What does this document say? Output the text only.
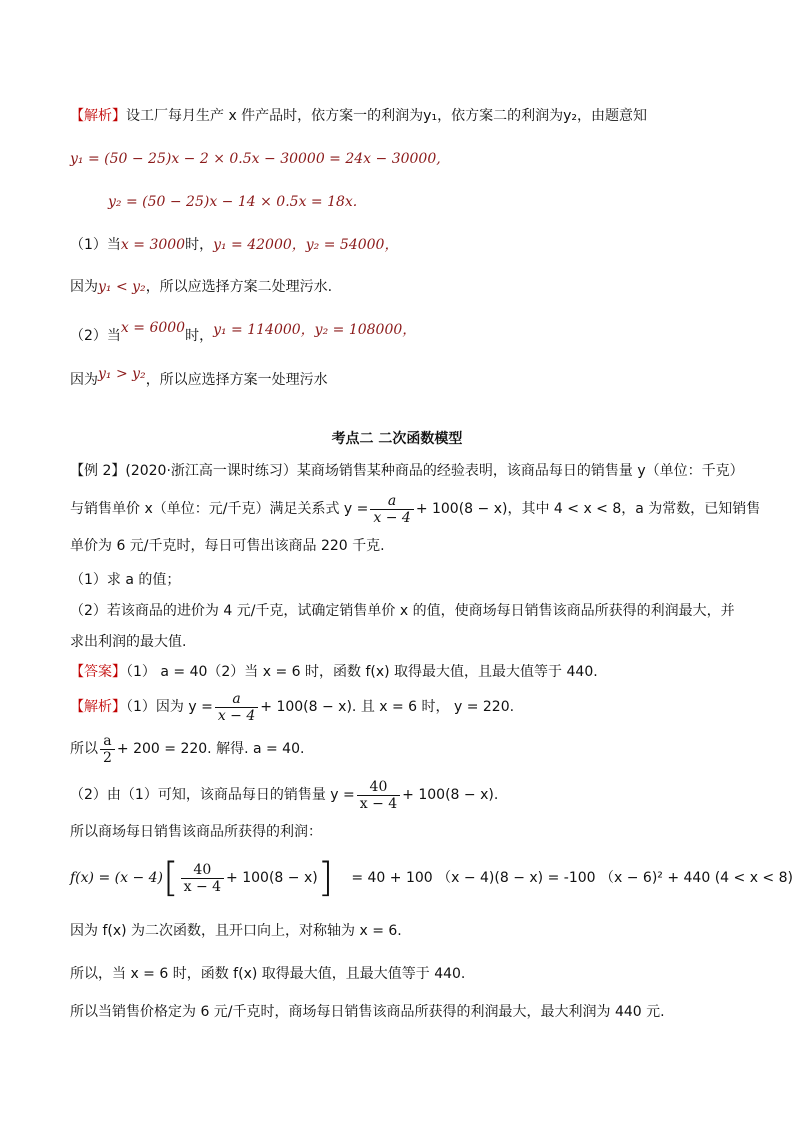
【解析】设工厂每月生产 x 件产品时，依方案一的利润为y₁，依方案二的利润为y₂，由题意知
y₁ = (50 − 25)x − 2 × 0.5x − 30000 = 24x − 30000,
y₂ = (50 − 25)x − 14 × 0.5x = 18x.
（1）当x = 3000时，y₁ = 42000，y₂ = 54000，
因为y₁ < y₂，所以应选择方案二处理污水.
（2）当x = 6000时，y₁ = 114000，y₂ = 108000，
因为y₁ > y₂，所以应选择方案一处理污水
考点二 二次函数模型
【例 2】(2020·浙江高一课时练习）某商场销售某种商品的经验表明，该商品每日的销售量 y（单位：千克）
与销售单价 x（单位：元/千克）满足关系式 $y = \frac{a}{x - 4} + 100(8 - x)$，其中 4 < x < 8，a 为常数，已知销售
单价为 6 元/千克时，每日可售出该商品 220 千克.
（1）求 a 的值；
（2）若该商品的进价为 4 元/千克，试确定销售单价 x 的值，使商场每日销售该商品所获得的利润最大，并
求出利润的最大值.
【答案】（1） a = 40（2）当 x = 6 时，函数 f(x) 取得最大值，且最大值等于 440.
【解析】（1）因为 $y = \frac{a}{x - 4} + 100(8 - x)$. 且 x = 6 时， y = 220.
所以 $\frac{a}{2} + 200 = 220$. 解得. a = 40.
（2）由（1）可知，该商品每日的销售量 $y = \frac{40}{x - 4} + 100(8 - x)$.
所以商场每日销售该商品所获得的利润：
$f(x) = (x - 4)[ \frac{40}{x - 4} + 100(8 - x)] = 40 + 100$ （x − 4)(8 − x) = -100 （x − 6)² + 440 (4 < x < 8)
因为 f(x) 为二次函数，且开口向上，对称轴为 x = 6.
所以，当 x = 6 时，函数 f(x) 取得最大值，且最大值等于 440.
所以当销售价格定为 6 元/千克时，商场每日销售该商品所获得的利润最大，最大利润为 440 元.
